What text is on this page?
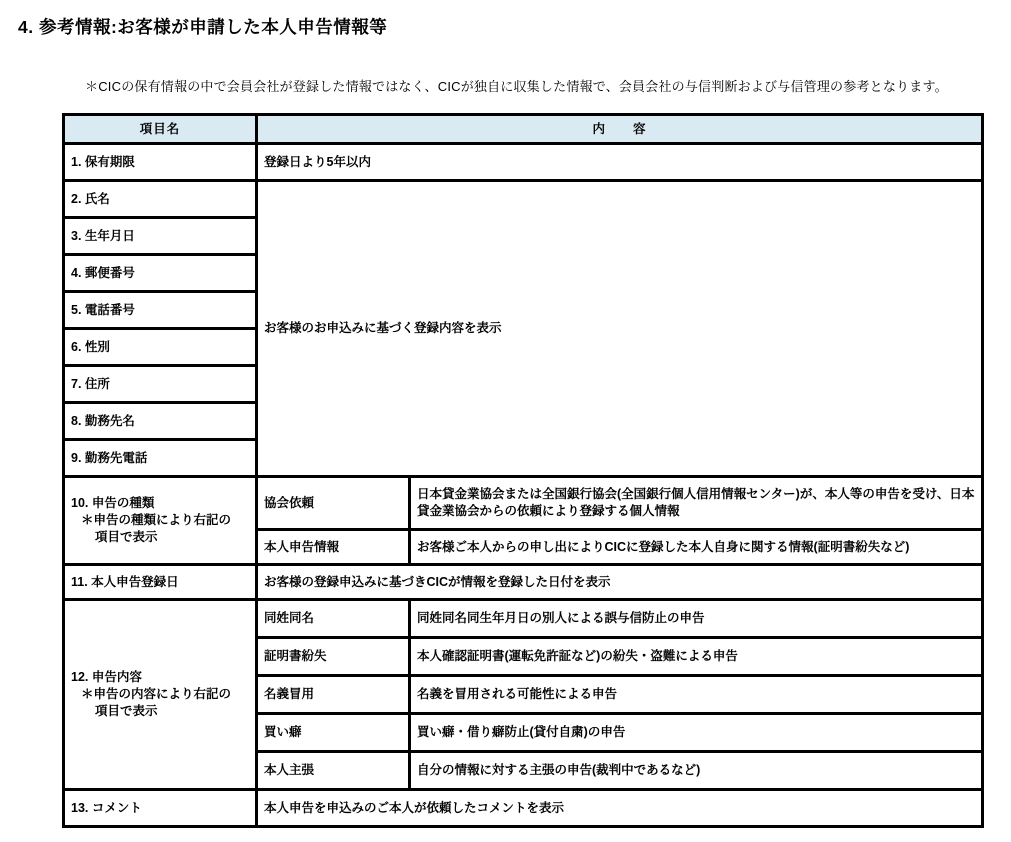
4. 参考情報:お客様が申請した本人申告情報等
＊CICの保有情報の中で会員会社が登録した情報ではなく、CICが独自に収集した情報で、会員会社の与信判断および与信管理の参考となります。
項目名	内　　容	
1. 保有期限	登録日より5年以内	
2. 氏名	お客様のお申込みに基づく登録内容を表示	
3. 生年月日		
4. 郵便番号		
5. 電話番号		
6. 性別		
7. 住所		
8. 勤務先名		
9. 勤務先電話		

10. 申告の種類
＊申告の種類により右記の
項目で表示	協会依頼	日本貸金業協会または全国銀行協会(全国銀行個人信用情報センター)が、本人等の申告を受け、日本貸金業協会からの依頼により登録する個人情報
	本人申告情報	お客様ご本人からの申し出によりCICに登録した本人自身に関する情報(証明書紛失など)
11. 本人申告登録日	お客様の登録申込みに基づきCICが情報を登録した日付を表示	

12. 申告内容
＊申告の内容により右記の
項目で表示	同姓同名	同姓同名同生年月日の別人による誤与信防止の申告
	証明書紛失	本人確認証明書(運転免許証など)の紛失・盗難による申告
	名義冒用	名義を冒用される可能性による申告
	買い癖	買い癖・借り癖防止(貸付自粛)の申告
	本人主張	自分の情報に対する主張の申告(裁判中であるなど)
13. コメント	本人申告を申込みのご本人が依頼したコメントを表示	
